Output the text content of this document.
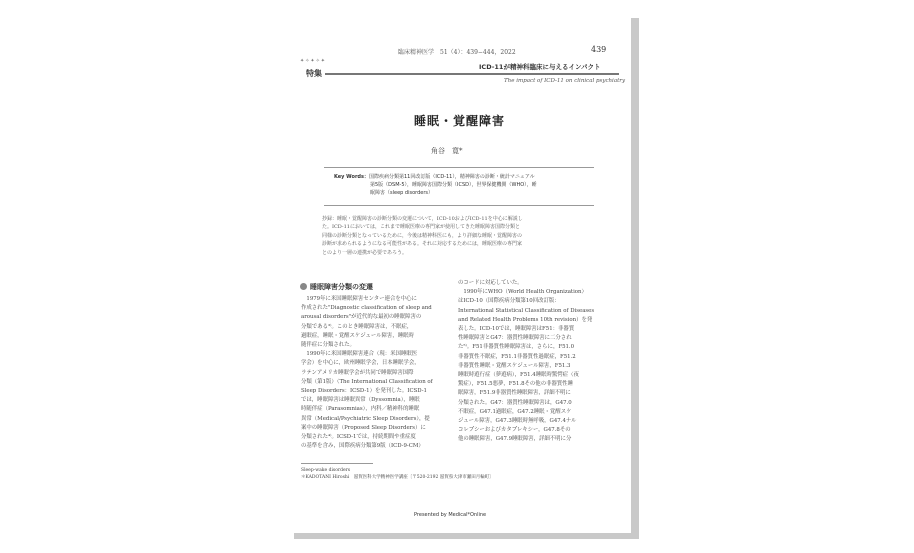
臨床精神医学　51（4）：439−444，2022	439
✦✧✦✧✦
特集
ICD-11が精神科臨床に与えるインパクト
The impact of ICD-11 on clinical psychiatry
睡眠・覚醒障害
角谷　寛*
Key Words：国際疾病分類第11回改訂版（ICD-11），精神障害の診断・統計マニュアル
第5版（DSM-5），睡眠障害国際分類（ICSD），世界保健機関（WHO），睡
眠障害（sleep disorders）
抄録：睡眠・覚醒障害の診断分類の変遷について，ICD-10およびICD-11を中心に解説し
た。ICD-11においては，これまで睡眠医療の専門家が使用してきた睡眠障害国際分類と
同様の診断分類となっているために，今後は精神科医にも，より詳細な睡眠・覚醒障害の
診断が求められるようになる可能性がある。それに対応するためには，睡眠医療の専門家
とのより一層の連携が必要であろう。
睡眠障害分類の変遷
　1979年に米国睡眠障害センター連合を中心に
作成された"Diagnostic classification of sleep and
arousal disorders"が近代的な最初の睡眠障害の
分類である³⁾。このとき睡眠障害は，不眠症，
過眠症，睡眠・覚醒スケジュール障害，睡眠時
随伴症に分類された。
　1990年に米国睡眠障害連合（現：米国睡眠医
学会）を中心に，欧州睡眠学会，日本睡眠学会，
ラテンアメリカ睡眠学会が共同で睡眠障害国際
分類（第1版）（The International Classification of
Sleep Disorders：ICSD-1）を発刊した。ICSD-1
では，睡眠障害は睡眠異常（Dyssomnia），睡眠
時随伴症（Parasomnias），内科／精神科的睡眠
異常（Medical/Psychiatric Sleep Disorders），提
案中の睡眠障害（Proposed Sleep Disorders）に
分類された⁴⁾。ICSD-1では，持続期間や重症度
の基準を含み，国際疾病分類第9版（ICD-9-CM）
のコードに対応していた。
　1990年にWHO（World Health Organization）
はICD-10（国際疾病分類第10回改訂版：
International Statistical Classification of Diseases
and Related Health Problems 10th revision）を発
表した。ICD-10では，睡眠障害はF51：非器質
性睡眠障害とG47：器質性睡眠障害に二分され
た⁵⁾。F51非器質性睡眠障害は，さらに，F51.0
非器質性不眠症，F51.1非器質性過眠症，F51.2
非器質性睡眠・覚醒スケジュール障害，F51.3
睡眠時遊行症（夢遊病），F51.4睡眠時驚愕症（夜
驚症），F51.5悪夢，F51.8その他の非器質性睡
眠障害，F51.9非器質性睡眠障害，詳細不明に
分類された。G47：器質性睡眠障害は，G47.0
不眠症，G47.1過眠症，G47.2睡眠・覚醒スケ
ジュール障害，G47.3睡眠時無呼吸，G47.4ナル
コレプシーおよびカタプレキシー，G47.8その
他の睡眠障害，G47.9睡眠障害，詳細不明に分
Sleep-wake disorders
＊KADOTANI Hiroshi　滋賀医科大学精神医学講座〔〒520-2192 滋賀県大津市瀬田月輪町〕
Presented by Medical*Online
